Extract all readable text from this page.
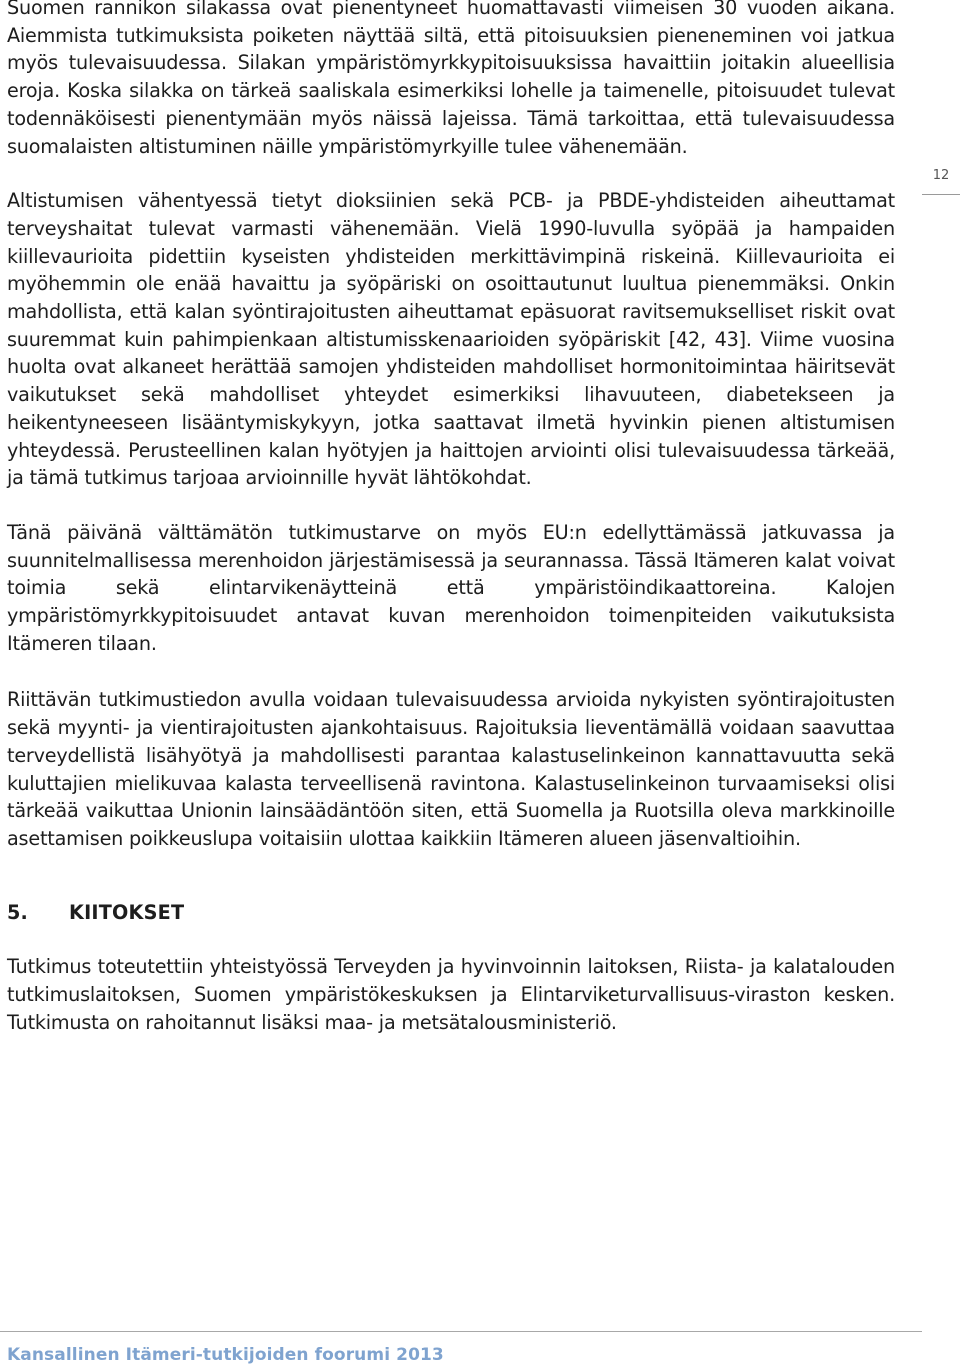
Suomen rannikon silakassa ovat pienentyneet huomattavasti viimeisen 30 vuoden aikana. Aiemmista tutkimuksista poiketen näyttää siltä, että pitoisuuksien pieneneminen voi jatkua myös tulevaisuudessa. Silakan ympäristömyrkkypitoisuuksissa havaittiin joitakin alueellisia eroja. Koska silakka on tärkeä saaliskala esimerkiksi lohelle ja taimenelle, pitoisuudet tulevat todennäköisesti pienentymään myös näissä lajeissa. Tämä tarkoittaa, että tulevaisuudessa suomalaisten altistuminen näille ympäristömyrkyille tulee vähenemään.

Altistumisen vähentyessä tietyt dioksiinien sekä PCB- ja PBDE-yhdisteiden aiheuttamat terveyshaitat tulevat varmasti vähenemään. Vielä 1990-luvulla syöpää ja hampaiden kiillevaurioita pidettiin kyseisten yhdisteiden merkittävimpinä riskeinä. Kiillevaurioita ei myöhemmin ole enää havaittu ja syöpäriski on osoittautunut luultua pienemmäksi. Onkin mahdollista, että kalan syöntirajoitusten aiheuttamat epäsuorat ravitsemukselliset riskit ovat suuremmat kuin pahimpienkaan altistumisskenaarioiden syöpäriskit [42, 43]. Viime vuosina huolta ovat alkaneet herättää samojen yhdisteiden mahdolliset hormonitoimintaa häiritsevät vaikutukset sekä mahdolliset yhteydet esimerkiksi lihavuuteen, diabetekseen ja heikentyneeseen lisääntymiskykyyn, jotka saattavat ilmetä hyvinkin pienen altistumisen yhteydessä. Perusteellinen kalan hyötyjen ja haittojen arviointi olisi tulevaisuudessa tärkeää, ja tämä tutkimus tarjoaa arvioinnille hyvät lähtökohdat.

Tänä päivänä välttämätön tutkimustarve on myös EU:n edellyttämässä jatkuvassa ja suunnitelmallisessa merenhoidon järjestämisessä ja seurannassa. Tässä Itämeren kalat voivat toimia sekä elintarvikenäytteinä että ympäristöindikaattoreina. Kalojen ympäristömyrkkypitoisuudet antavat kuvan merenhoidon toimenpiteiden vaikutuksista Itämeren tilaan.

Riittävän tutkimustiedon avulla voidaan tulevaisuudessa arvioida nykyisten syöntirajoitusten sekä myynti- ja vientirajoitusten ajankohtaisuus. Rajoituksia lieventämällä voidaan saavuttaa terveydellistä lisähyötyä ja mahdollisesti parantaa kalastuselinkeinon kannattavuutta sekä kuluttajien mielikuvaa kalasta terveellisenä ravintona. Kalastuselinkeinon turvaamiseksi olisi tärkeää vaikuttaa Unionin lainsäädäntöön siten, että Suomella ja Ruotsilla oleva markkinoille asettamisen poikkeuslupa voitaisiin ulottaa kaikkiin Itämeren alueen jäsenvaltioihin.

5.	KIITOKSET

Tutkimus toteutettiin yhteistyössä Terveyden ja hyvinvoinnin laitoksen, Riista- ja kalatalouden tutkimuslaitoksen, Suomen ympäristökeskuksen ja Elintarviketurvallisuus-viraston kesken. Tutkimusta on rahoitannut lisäksi maa- ja metsätalousministeriö.

12
Kansallinen Itämeri-tutkijoiden foorumi 2013
